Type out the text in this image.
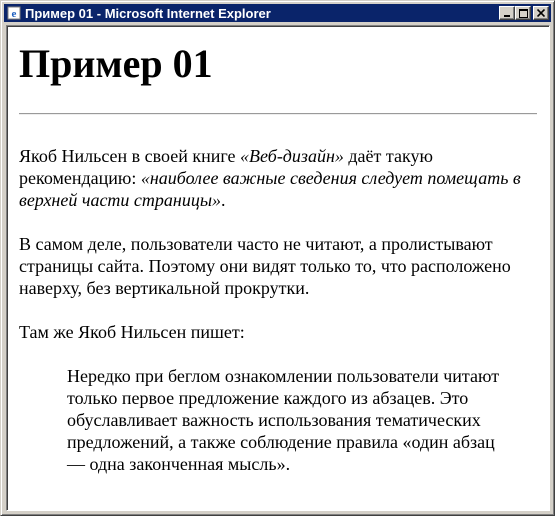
e Пример 01 - Microsoft Internet Explorer
Пример 01

Якоб Нильсен в своей книге «Веб-дизайн» даёт такую рекомендацию: «наиболее важные сведения следует помещать в верхней части страницы».

В самом деле, пользователи часто не читают, а пролистывают страницы сайта. Поэтому они видят только то, что расположено наверху, без вертикальной прокрутки.

Там же Якоб Нильсен пишет:

Нередко при беглом ознакомлении пользователи читают только первое предложение каждого из абзацев. Это обуславливает важность использования тематических предложений, а также соблюдение правила «один абзац — одна законченная мысль».
